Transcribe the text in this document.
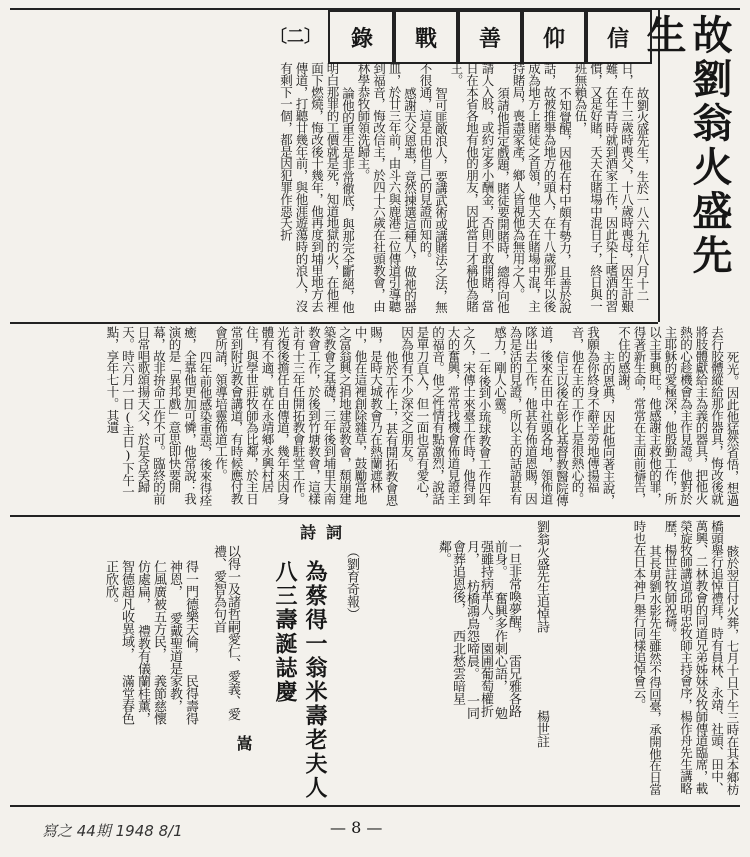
故劉翁火盛先生
信
仰
善
戰
錄
〔二〕

故劉火盛先生，生於一八六九年八月十二日，在十三歲時喪父，十八歲時喪母，因生計艱難，在年青時就到酒家工作，因此染上嗜酒的習慣，又是好賭，天天在賭場中混日子，終日與一班無賴為伍，

不知覺醒，因他在村中頗有勢力，且善於說話，故被推舉為地方的頭人，在十八歲那年以後成為地方上賭徒之首領，他天天在賭場中混，主持賭局，喪盡家產，鄉人皆視他為無用之人。

須請他指定戲題，賭徒要開賭時，總得向他請人入股，或約定多小酬金，否則不敢開賭，當日在本省各地有他的朋友，因此當日才稱他為賭王。

智可匪敵浪人，要講武術或講賭法之法，無不很通，這是由他自己的見證而知的。

感謝天父恩惠，竟然揀選這種人，做祂的器皿，於廿三年前，由斗六與鹿港二位傳道引導聽到福音，悔改信主，於四十六歲在社頭教會，由林學恭牧師領洗歸主。

論他的重生是非常徹底，與那完全斷絕，他明白那罪的工價就是死，知道地獄的火，在他裡面下燃燒，悔改後十幾年，他再度到埔里地方去傳道，打聽廿幾年前，與他涯遊蕩時的浪人，沒有剩下一個，都是因犯罪作惡夭折

死光。因此他猛然省悟，想過去行胶體縱給那作器具，悔改後就將肢體獻給主為義的器具，把他火熱的心趁機會為主作見證。他對於主耶穌的愛極深，他殷勤工作，所以主事興旺。他感謝主救他的罪，得著新生命，常常在主面前禱告，不住的感謝。

主的恩典，因此他向著主說，我願為你終身不辭辛勞地傳揚福音，他在主的工作上是很熱心的。

信主以後在彰化基督教醫院傳道，後來在田中社頭各地，領佈道隊出去工作，他甚有佈道恩賜，因為是活的見證，所以主的話語甚有感力，剛人心靈。

二年後到小琉球教會工作四年之久，宋傳士來臺工作時，他得到大的奮興，常常找機會佈道見證主的福音。他之性情有點激烈，說話是單刀直入，但一面也富有愛心，因為他有不少深交之朋友。

他於工作上，甚有開拓教會恩賜，是時大城教會乃在熱蘭遮林中，他在這裡創除雜草，鼓勵當地之富翁興之捐地建設教會，頹崩建築教會之基礎，三年後到埔里大南教會工作，於後到竹塘教會，這樣計有十三年任開拓教會駐堂工作。光復後擔任自由傳道，幾年來因身體有不適，就在永靖鄉永興村居住，與學世莊牧師為比鄰，於主日常到附近教會講道，有時候應付教會所請，領導培靈佈道工作。

四年前他感染重惡，後來得痊癒，全靠他更加可憐，他常說：我演的是「異邦戲」意思即快要開幕，故非拚命工作不可。臨終的前日常唱歌頌揚天父，於是含笑歸天。時六月一日(主日)下午一點，享年七十。其遺

骸於翌日付火葬，七月十日下午三時在其本鄉枋橋頭舉行追悼禮拜，時有員林、永靖、社頭、田中、萬興、二林教會的同道兄弟姊妹及牧師傳道臨席，載榮旋牧師講道邱明忠牧師主持會序，楊作舟先生講略歷，楊世註牧師祝禱。

其長男劉水影先生雖然不得回臺，承開他在日當時也在日本神戶舉行同樣追悼會云。

劉翁火盛先生追悼詩
楊世註
一旦非常喚夢醒， 雷兄雅各路前身。 奮興多作刺心語， 勉强雖持病革人。 園圃葡萄權折月， 枋橋鴻鳥怨啼晨。 一同會葬追恩後， 西北愁雲暗星鄰。
詩詞
（劉育奇報）
為蔡得一翁米壽老夫人八三壽誕誌慶
嵩
以得一及諸哲嗣愛仁、愛義、愛禮、愛智為句首
得一門德樂天倫， 民得壽得神恩， 愛戴聖道是家教， 仁風廣被五方民， 義節慈懷仿處扁， 禮教有儀蘭桂薰， 智德超凡收異域， 滿堂春色正欣欣。
— 8 —
寫之 44期 1948 8/1
